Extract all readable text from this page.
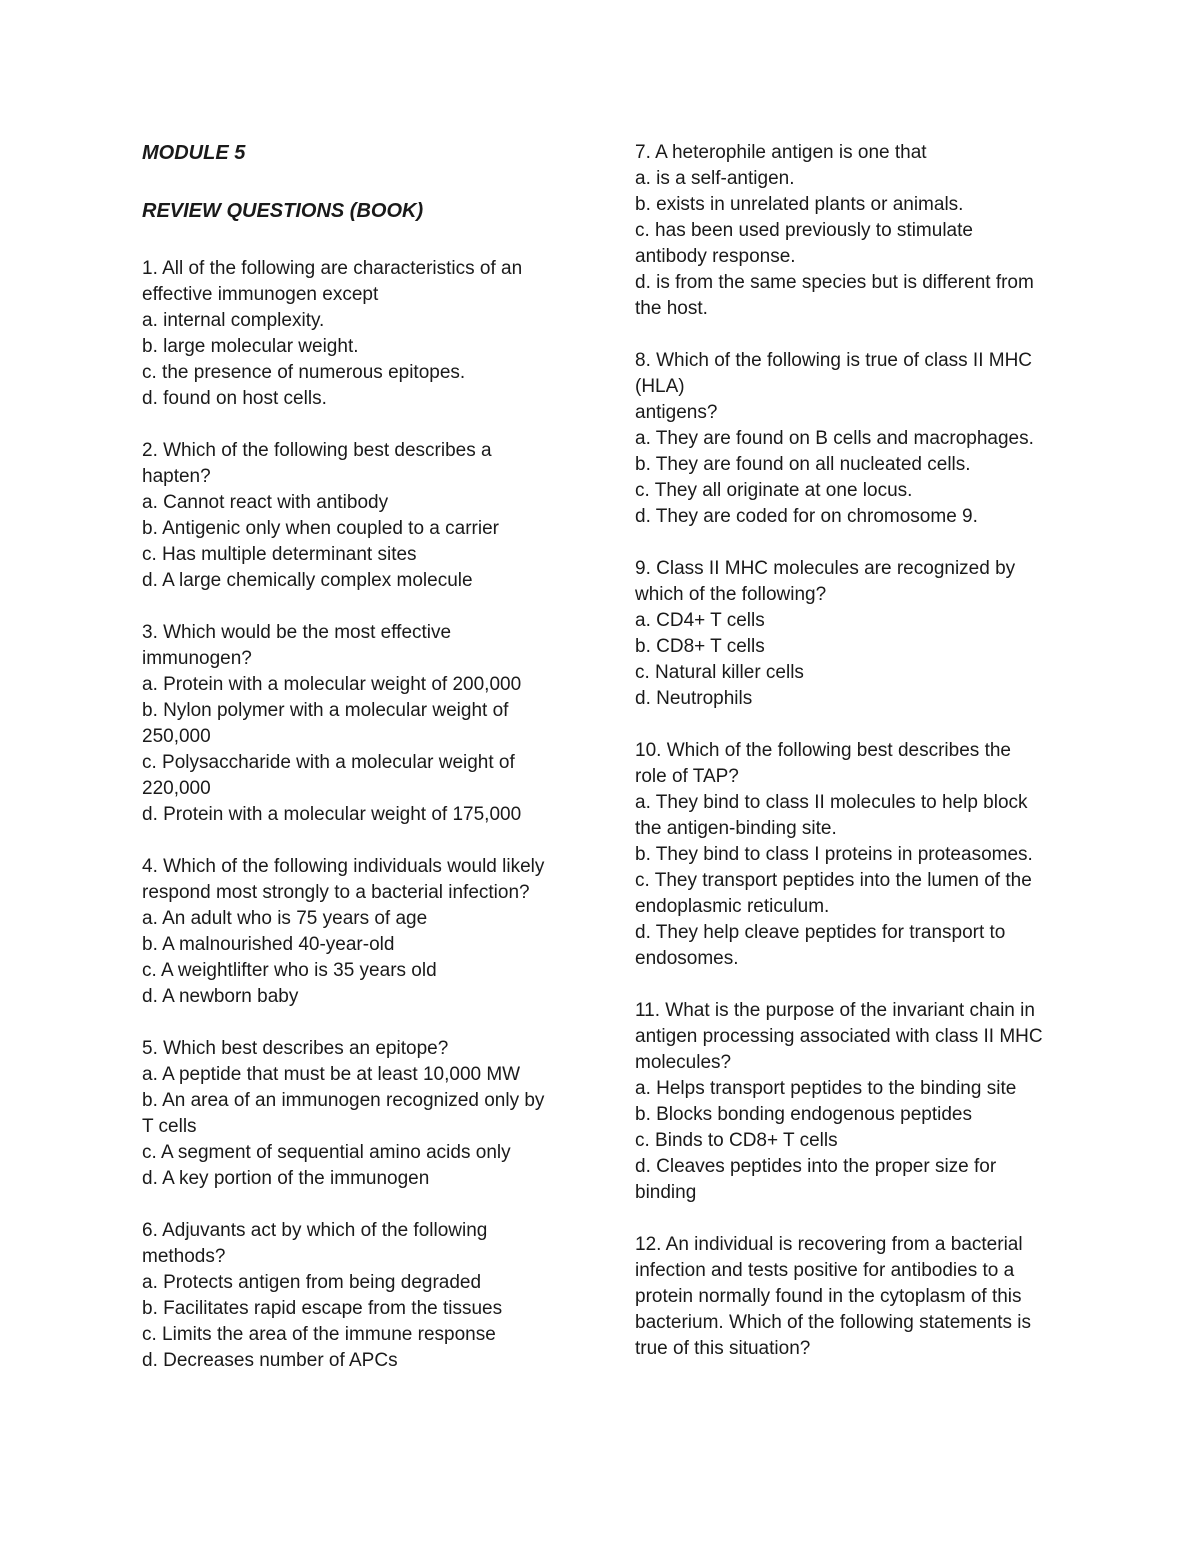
MODULE 5
REVIEW QUESTIONS (BOOK)
1. All of the following are characteristics of an
effective immunogen except
a. internal complexity.
b. large molecular weight.
c. the presence of numerous epitopes.
d. found on host cells.
2. Which of the following best describes a
hapten?
a. Cannot react with antibody
b. Antigenic only when coupled to a carrier
c. Has multiple determinant sites
d. A large chemically complex molecule
3. Which would be the most effective
immunogen?
a. Protein with a molecular weight of 200,000
b. Nylon polymer with a molecular weight of
250,000
c. Polysaccharide with a molecular weight of
220,000
d. Protein with a molecular weight of 175,000
4. Which of the following individuals would likely
respond most strongly to a bacterial infection?
a. An adult who is 75 years of age
b. A malnourished 40-year-old
c. A weightlifter who is 35 years old
d. A newborn baby
5. Which best describes an epitope?
a. A peptide that must be at least 10,000 MW
b. An area of an immunogen recognized only by
T cells
c. A segment of sequential amino acids only
d. A key portion of the immunogen
6. Adjuvants act by which of the following
methods?
a. Protects antigen from being degraded
b. Facilitates rapid escape from the tissues
c. Limits the area of the immune response
d. Decreases number of APCs
7. A heterophile antigen is one that
a. is a self-antigen.
b. exists in unrelated plants or animals.
c. has been used previously to stimulate
antibody response.
d. is from the same species but is different from
the host.
8. Which of the following is true of class II MHC
(HLA)
antigens?
a. They are found on B cells and macrophages.
b. They are found on all nucleated cells.
c. They all originate at one locus.
d. They are coded for on chromosome 9.
9. Class II MHC molecules are recognized by
which of the following?
a. CD4+ T cells
b. CD8+ T cells
c. Natural killer cells
d. Neutrophils
10. Which of the following best describes the
role of TAP?
a. They bind to class II molecules to help block
the antigen-binding site.
b. They bind to class I proteins in proteasomes.
c. They transport peptides into the lumen of the
endoplasmic reticulum.
d. They help cleave peptides for transport to
endosomes.
11. What is the purpose of the invariant chain in
antigen processing associated with class II MHC
molecules?
a. Helps transport peptides to the binding site
b. Blocks bonding endogenous peptides
c. Binds to CD8+ T cells
d. Cleaves peptides into the proper size for
binding
12. An individual is recovering from a bacterial
infection and tests positive for antibodies to a
protein normally found in the cytoplasm of this
bacterium. Which of the following statements is
true of this situation?
